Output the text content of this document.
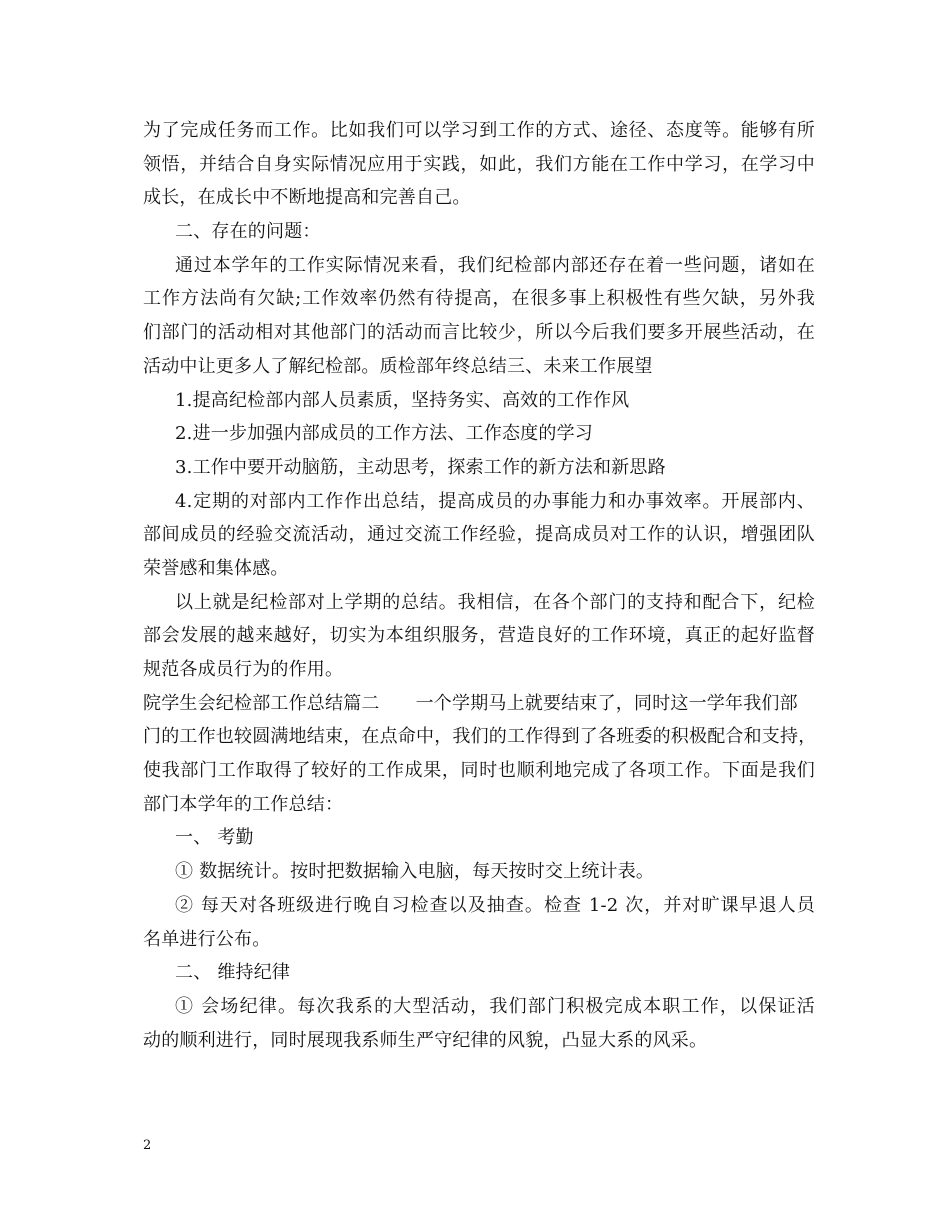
为了完成任务而工作。比如我们可以学习到工作的方式、途径、态度等。能够有所
领悟，并结合自身实际情况应用于实践，如此，我们方能在工作中学习，在学习中
成长，在成长中不断地提高和完善自己。
二、存在的问题：
通过本学年的工作实际情况来看，我们纪检部内部还存在着一些问题，诸如在
工作方法尚有欠缺;工作效率仍然有待提高，在很多事上积极性有些欠缺，另外我
们部门的活动相对其他部门的活动而言比较少，所以今后我们要多开展些活动，在
活动中让更多人了解纪检部。质检部年终总结三、未来工作展望
1.提高纪检部内部人员素质，坚持务实、高效的工作作风
2.进一步加强内部成员的工作方法、工作态度的学习
3.工作中要开动脑筋，主动思考，探索工作的新方法和新思路
4.定期的对部内工作作出总结，提高成员的办事能力和办事效率。开展部内、
部间成员的经验交流活动，通过交流工作经验，提高成员对工作的认识，增强团队
荣誉感和集体感。
以上就是纪检部对上学期的总结。我相信，在各个部门的支持和配合下，纪检
部会发展的越来越好，切实为本组织服务，营造良好的工作环境，真正的起好监督
规范各成员行为的作用。
院学生会纪检部工作总结篇二 一个学期马上就要结束了，同时这一学年我们部
门的工作也较圆满地结束，在点命中，我们的工作得到了各班委的积极配合和支持，
使我部门工作取得了较好的工作成果，同时也顺利地完成了各项工作。下面是我们
部门本学年的工作总结：
一、 考勤
① 数据统计。按时把数据输入电脑，每天按时交上统计表。
② 每天对各班级进行晚自习检查以及抽查。检查 1-2 次，并对旷课早退人员
名单进行公布。
二、 维持纪律
① 会场纪律。每次我系的大型活动，我们部门积极完成本职工作，以保证活
动的顺利进行，同时展现我系师生严守纪律的风貌，凸显大系的风采。
2
